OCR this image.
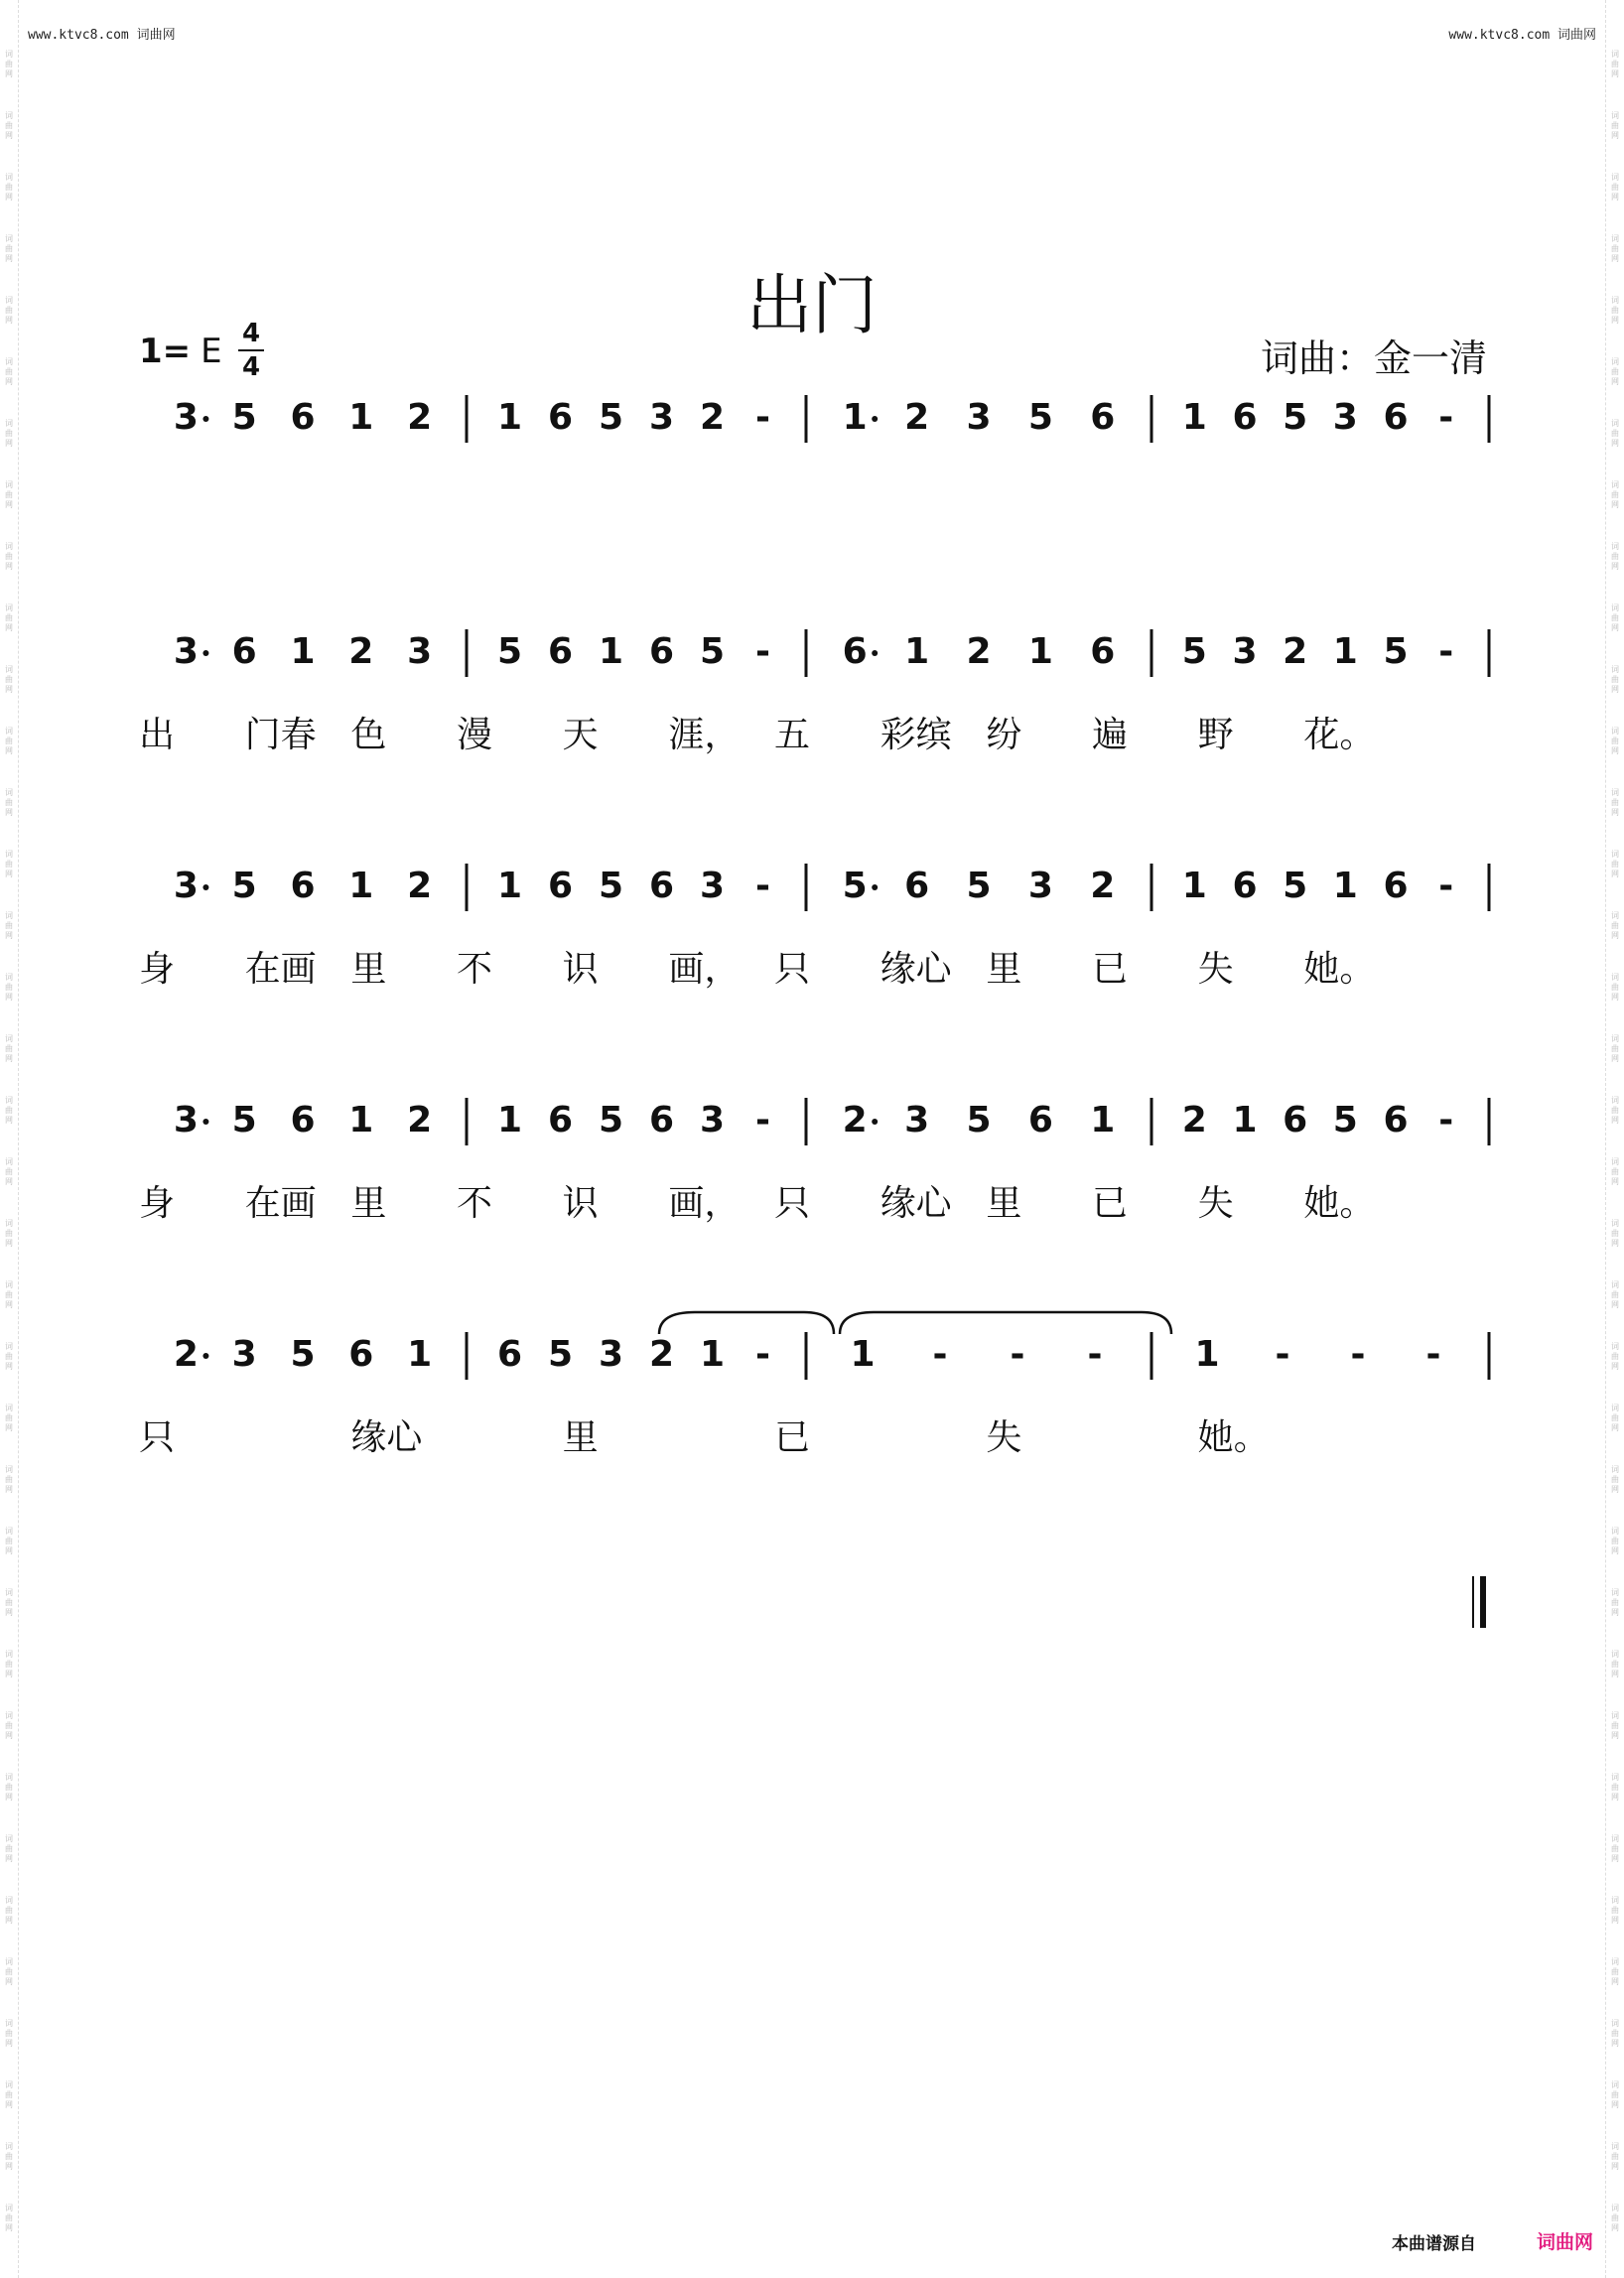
词
曲
网
词
曲
网
词
曲
网
词
曲
网
词
曲
网
词
曲
网
词
曲
网
词
曲
网
词
曲
网
词
曲
网
词
曲
网
词
曲
网
词
曲
网
词
曲
网
词
曲
网
词
曲
网
词
曲
网
词
曲
网
词
曲
网
词
曲
网
词
曲
网
词
曲
网
词
曲
网
词
曲
网
词
曲
网
词
曲
网
词
曲
网
词
曲
网
词
曲
网
词
曲
网
词
曲
网
词
曲
网
词
曲
网
词
曲
网
词
曲
网
词
曲
网
词
曲
网
词
曲
网
词
曲
网
词
曲
网
词
曲
网
词
曲
网
词
曲
网
词
曲
网
词
曲
网
词
曲
网
词
曲
网
词
曲
网
词
曲
网
词
曲
网
词
曲
网
词
曲
网
词
曲
网
词
曲
网
词
曲
网
词
曲
网
词
曲
网
词
曲
网
词
曲
网
词
曲
网
词
曲
网
词
曲
网
词
曲
网
词
曲
网
词
曲
网
词
曲
网
词
曲
网
词
曲
网
词
曲
网
词
曲
网
词
曲
网
词
曲
网
www.ktvc8.com 词曲网	www.ktvc8.com 词曲网
出门
1= E 4
4	词曲：金一清
3 5 6 1 2 1 6 5 3 2 - 1 2 3 5 6 1 6 5 3 6 -
3 6 1 2 3 5 6 1 6 5 - 6 1 2 1 6 5 3 2 1 5 -
出 门春 色 漫 天 涯， 五 彩缤 纷 遍 野 花。
3 5 6 1 2 1 6 5 6 3 - 5 6 5 3 2 1 6 5 1 6 -
身 在画 里 不 识 画， 只 缘心 里 已 失 她。
3 5 6 1 2 1 6 5 6 3 - 2 3 5 6 1 2 1 6 5 6 -
身 在画 里 不 识 画， 只 缘心 里 已 失 她。
2 3 5 6 1 6 5 3 2 1 - 1 - - -	1 - - -
只	缘心	里	已	失	她。
本曲谱源自	词曲网
